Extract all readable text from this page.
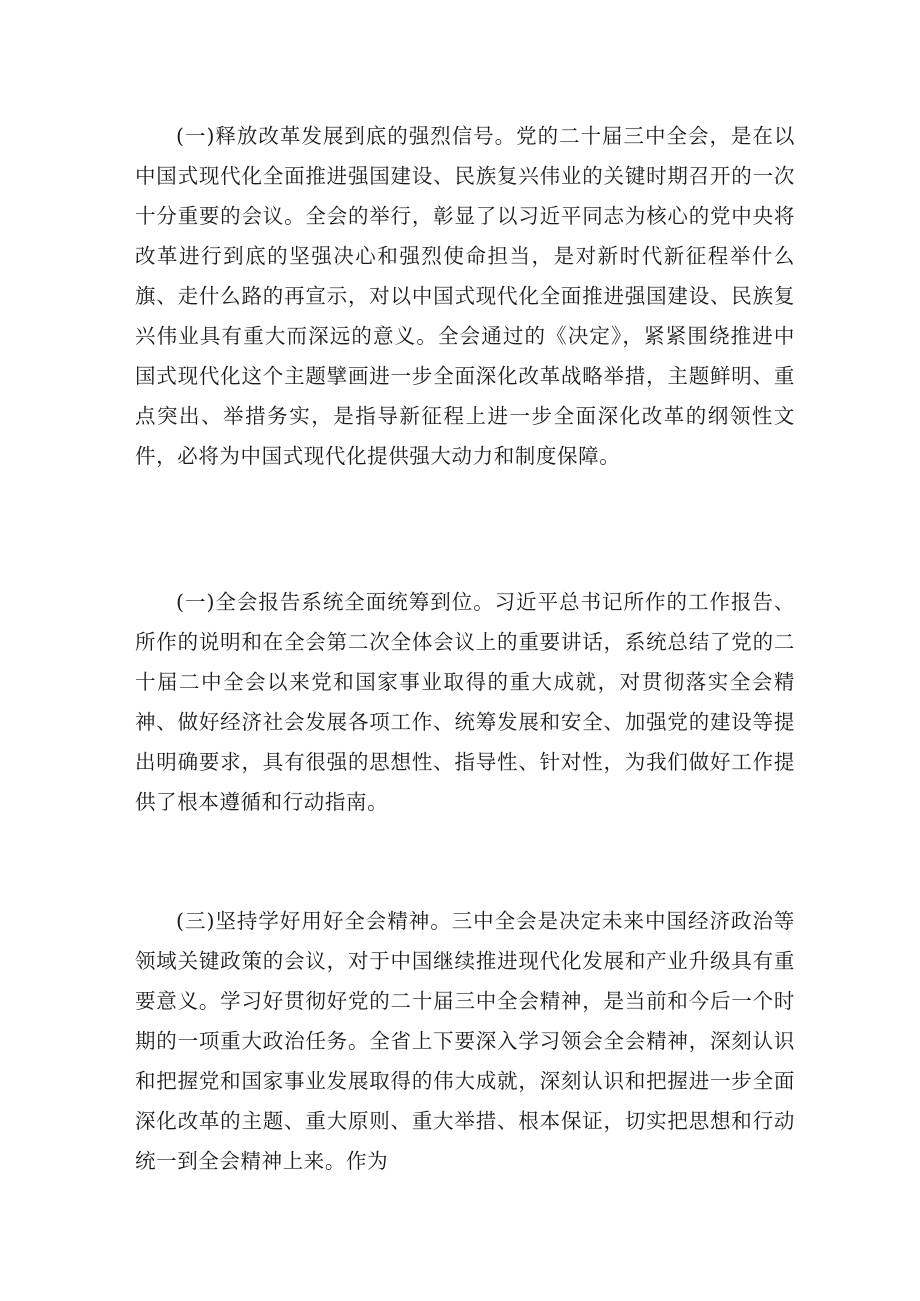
(一)释放改革发展到底的强烈信号。党的二十届三中全会，是在以中国式现代化全面推进强国建设、民族复兴伟业的关键时期召开的一次十分重要的会议。全会的举行，彰显了以习近平同志为核心的党中央将改革进行到底的坚强决心和强烈使命担当，是对新时代新征程举什么旗、走什么路的再宣示，对以中国式现代化全面推进强国建设、民族复兴伟业具有重大而深远的意义。全会通过的《决定》，紧紧围绕推进中国式现代化这个主题擘画进一步全面深化改革战略举措，主题鲜明、重点突出、举措务实，是指导新征程上进一步全面深化改革的纲领性文件，必将为中国式现代化提供强大动力和制度保障。

(一)全会报告系统全面统筹到位。习近平总书记所作的工作报告、所作的说明和在全会第二次全体会议上的重要讲话，系统总结了党的二十届二中全会以来党和国家事业取得的重大成就，对贯彻落实全会精神、做好经济社会发展各项工作、统筹发展和安全、加强党的建设等提出明确要求，具有很强的思想性、指导性、针对性，为我们做好工作提供了根本遵循和行动指南。

(三)坚持学好用好全会精神。三中全会是决定未来中国经济政治等领域关键政策的会议，对于中国继续推进现代化发展和产业升级具有重要意义。学习好贯彻好党的二十届三中全会精神，是当前和今后一个时期的一项重大政治任务。全省上下要深入学习领会全会精神，深刻认识和把握党和国家事业发展取得的伟大成就，深刻认识和把握进一步全面深化改革的主题、重大原则、重大举措、根本保证，切实把思想和行动统一到全会精神上来。作为
